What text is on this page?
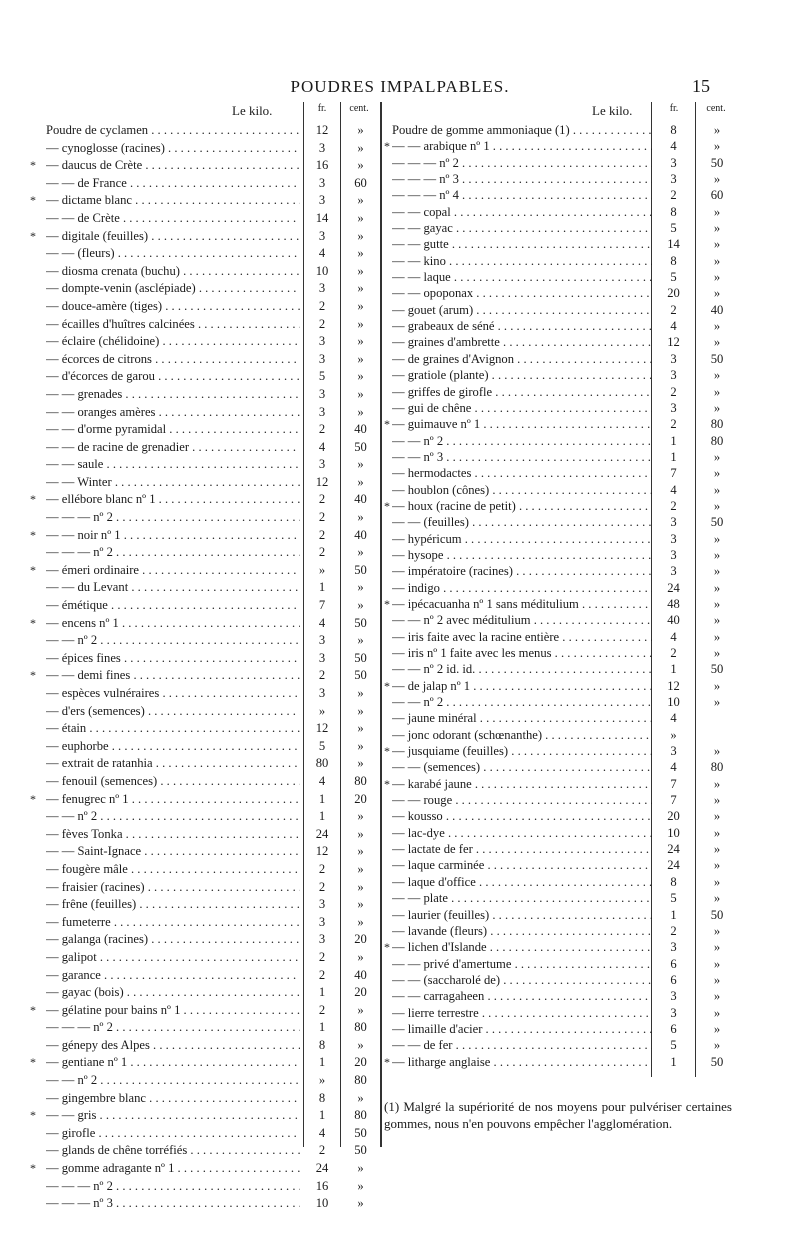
POUDRES IMPALPABLES.	15
Le kilo.	fr.	cent.	Le kilo.	fr.	cent.
Poudre de cyclamen . . .	12	»
— cynoglosse (racines) . . .	3	»
* — daucus de Crète . . .	16	»
— — de France . . .	3	60
* — dictame blanc . . .	3	»
— — de Crète . . .	14	»
* — digitale (feuilles) . . .	3	»
— — (fleurs) . . .	4	»
— diosma crenata (buchu) . . .	10	»
— dompte-venin (asclépiade) . . .	3	»
— douce-amère (tiges) . . .	2	»
— écailles d'huîtres calcinées . . .	2	»
— éclaire (chélidoine) . . .	3	»
— écorces de citrons . . .	3	»
— d'écorces de garou . . .	5	»
— — grenades . . .	3	»
— — oranges amères . . .	3	»
— — d'orme pyramidal . . .	2	40
— — de racine de grenadier . . .	4	50
— — saule . . .	3	»
— — Winter . . .	12	»
* — ellébore blanc nº 1 . . .	2	40
— — — nº 2 . . .	2	»
* — — noir nº 1 . . .	2	40
— — — nº 2 . . .	2	»
* — émeri ordinaire . . .	»	50
— — du Levant . . .	1	»
— émétique . . .	7	»
* — encens nº 1 . . .	4	50
— — nº 2 . . .	3	»
— épices fines . . .	3	50
* — — demi fines . . .	2	50
— espèces vulnéraires . . .	3	»
— d'ers (semences) . . .	»	»
— étain . . .	12	»
— euphorbe . . .	5	»
— extrait de ratanhia . . .	80	»
— fenouil (semences) . . .	4	80
* — fenugrec nº 1 . . .	1	20
— — nº 2 . . .	1	»
— fèves Tonka . . .	24	»
— — Saint-Ignace . . .	12	»
— fougère mâle . . .	2	»
— fraisier (racines) . . .	2	»
— frêne (feuilles) . . .	3	»
— fumeterre . . .	3	»
— galanga (racines) . . .	3	20
— galipot . . .	2	»
— garance . . .	2	40
— gayac (bois) . . .	1	20
* — gélatine pour bains nº 1 . . .	2	»
— — — nº 2 . . .	1	80
— génepy des Alpes . . .	8	»
* — gentiane nº 1 . . .	1	20
— — nº 2 . . .	»	80
— gingembre blanc . . .	8	»
* — — gris . . .	1	80
— girofle . . .	4	50
— glands de chêne torréfiés . . .	2	50
* — gomme adragante nº 1 . . .	24	»
— — — nº 2 . . .	16	»
— — — nº 3 . . .	10	»
Poudre de gomme ammoniaque (1) . . .	8	»
* — — arabique nº 1 . . .	4	»
— — — nº 2 . . .	3	50
— — — nº 3 . . .	3	»
— — — nº 4 . . .	2	60
— — copal . . .	8	»
— — gayac . . .	5	»
— — gutte . . .	14	»
— — kino . . .	8	»
— — laque . . .	5	»
— — opoponax . . .	20	»
— gouet (arum) . . .	2	40
— grabeaux de séné . . .	4	»
— graines d'ambrette . . .	12	»
— de graines d'Avignon . . .	3	50
— gratiole (plante) . . .	3	»
— griffes de girofle . . .	2	»
— gui de chêne . . .	3	»
* — guimauve nº 1 . . .	2	80
— — nº 2 . . .	1	80
— — nº 3 . . .	1	»
— hermodactes . . .	7	»
— houblon (cônes) . . .	4	»
* — houx (racine de petit) . . .	2	»
— — (feuilles) . . .	3	50
— hypéricum . . .	3	»
— hysope . . .	3	»
— impératoire (racines) . . .	3	»
— indigo . . .	24	»
* — ipécacuanha nº 1 sans méditulium . . .	48	»
— — nº 2 avec méditulium . . .	40	»
— iris faite avec la racine entière . . .	4	»
— iris nº 1 faite avec les menus . . .	2	»
— — nº 2 id. id. . . .	1	50
* — de jalap nº 1 . . .	12	»
— — nº 2 . . .	10	»
— jaune minéral . . .	4
— jonc odorant (schœnanthe) . . .	»
* — jusquiame (feuilles) . . .	3	»
— — (semences) . . .	4	80
* — karabé jaune . . .	7	»
— — rouge . . .	7	»
— kousso . . .	20	»
— lac-dye . . .	10	»
— lactate de fer . . .	24	»
— laque carminée . . .	24	»
— laque d'office . . .	8	»
— — plate . . .	5	»
— laurier (feuilles) . . .	1	50
— lavande (fleurs) . . .	2	»
* — lichen d'Islande . . .	3	»
— — privé d'amertume . . .	6	»
— — (saccharolé de) . . .	6	»
— — carragaheen . . .	3	»
— lierre terrestre . . .	3	»
— limaille d'acier . . .	6	»
— — de fer . . .	5	»
* — litharge anglaise . . .	1	50
(1) Malgré la supériorité de nos moyens pour pulvériser certaines gommes, nous n'en pouvons empêcher l'agglomération.
